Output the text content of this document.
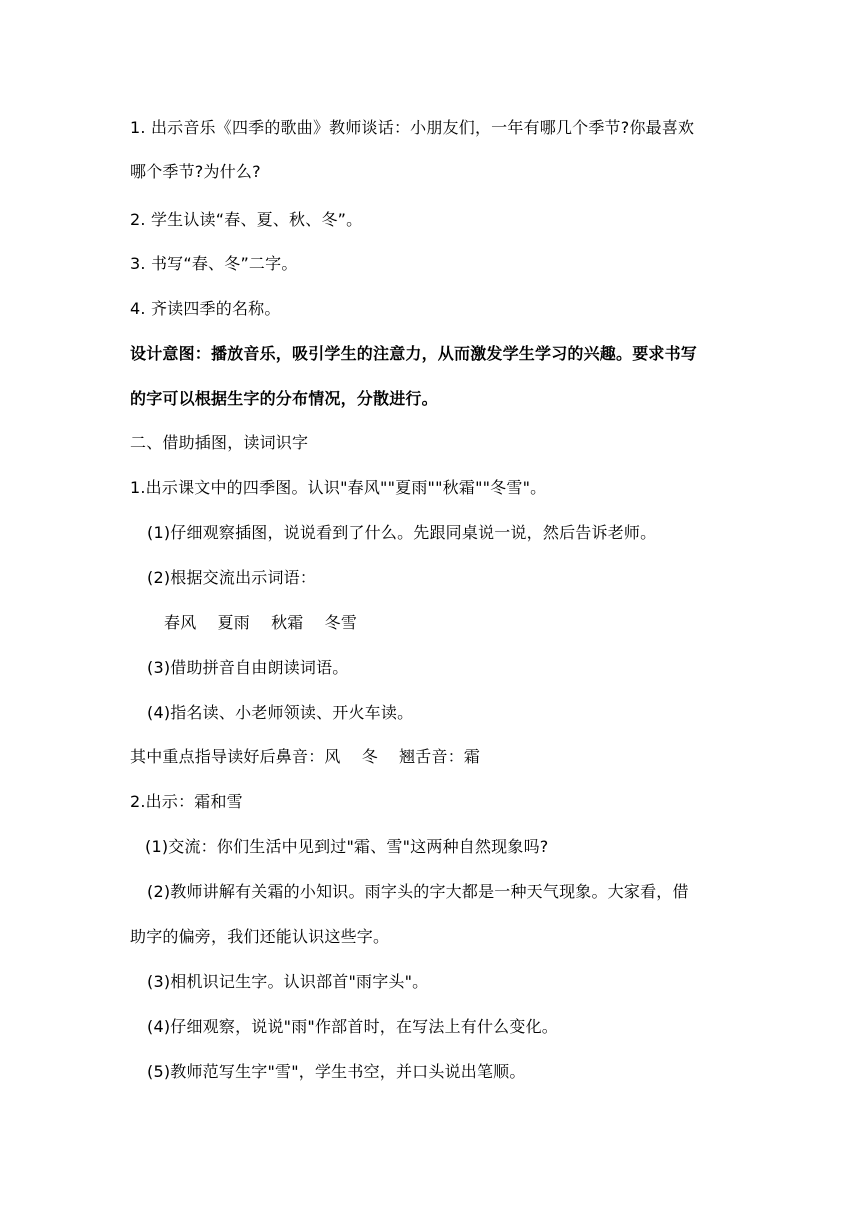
1. 出示音乐《四季的歌曲》教师谈话：小朋友们，一年有哪几个季节?你最喜欢
哪个季节?为什么?
2. 学生认读“春、夏、秋、冬”。
3. 书写“春、冬”二字。
4. 齐读四季的名称。
设计意图：播放音乐，吸引学生的注意力，从而激发学生学习的兴趣。要求书写
的字可以根据生字的分布情况，分散进行。
二、借助插图，读词识字
1.出示课文中的四季图。认识"春风""夏雨""秋霜""冬雪"。
(1)仔细观察插图，说说看到了什么。先跟同桌说一说，然后告诉老师。
(2)根据交流出示词语：
春风    夏雨    秋霜    冬雪
(3)借助拼音自由朗读词语。
(4)指名读、小老师领读、开火车读。
其中重点指导读好后鼻音：风    冬    翘舌音：霜
2.出示：霜和雪
(1)交流：你们生活中见到过"霜、雪"这两种自然现象吗?
(2)教师讲解有关霜的小知识。雨字头的字大都是一种天气现象。大家看，借
助字的偏旁，我们还能认识这些字。
(3)相机识记生字。认识部首"雨字头"。
(4)仔细观察，说说"雨"作部首时，在写法上有什么变化。
(5)教师范写生字"雪"，学生书空，并口头说出笔顺。
